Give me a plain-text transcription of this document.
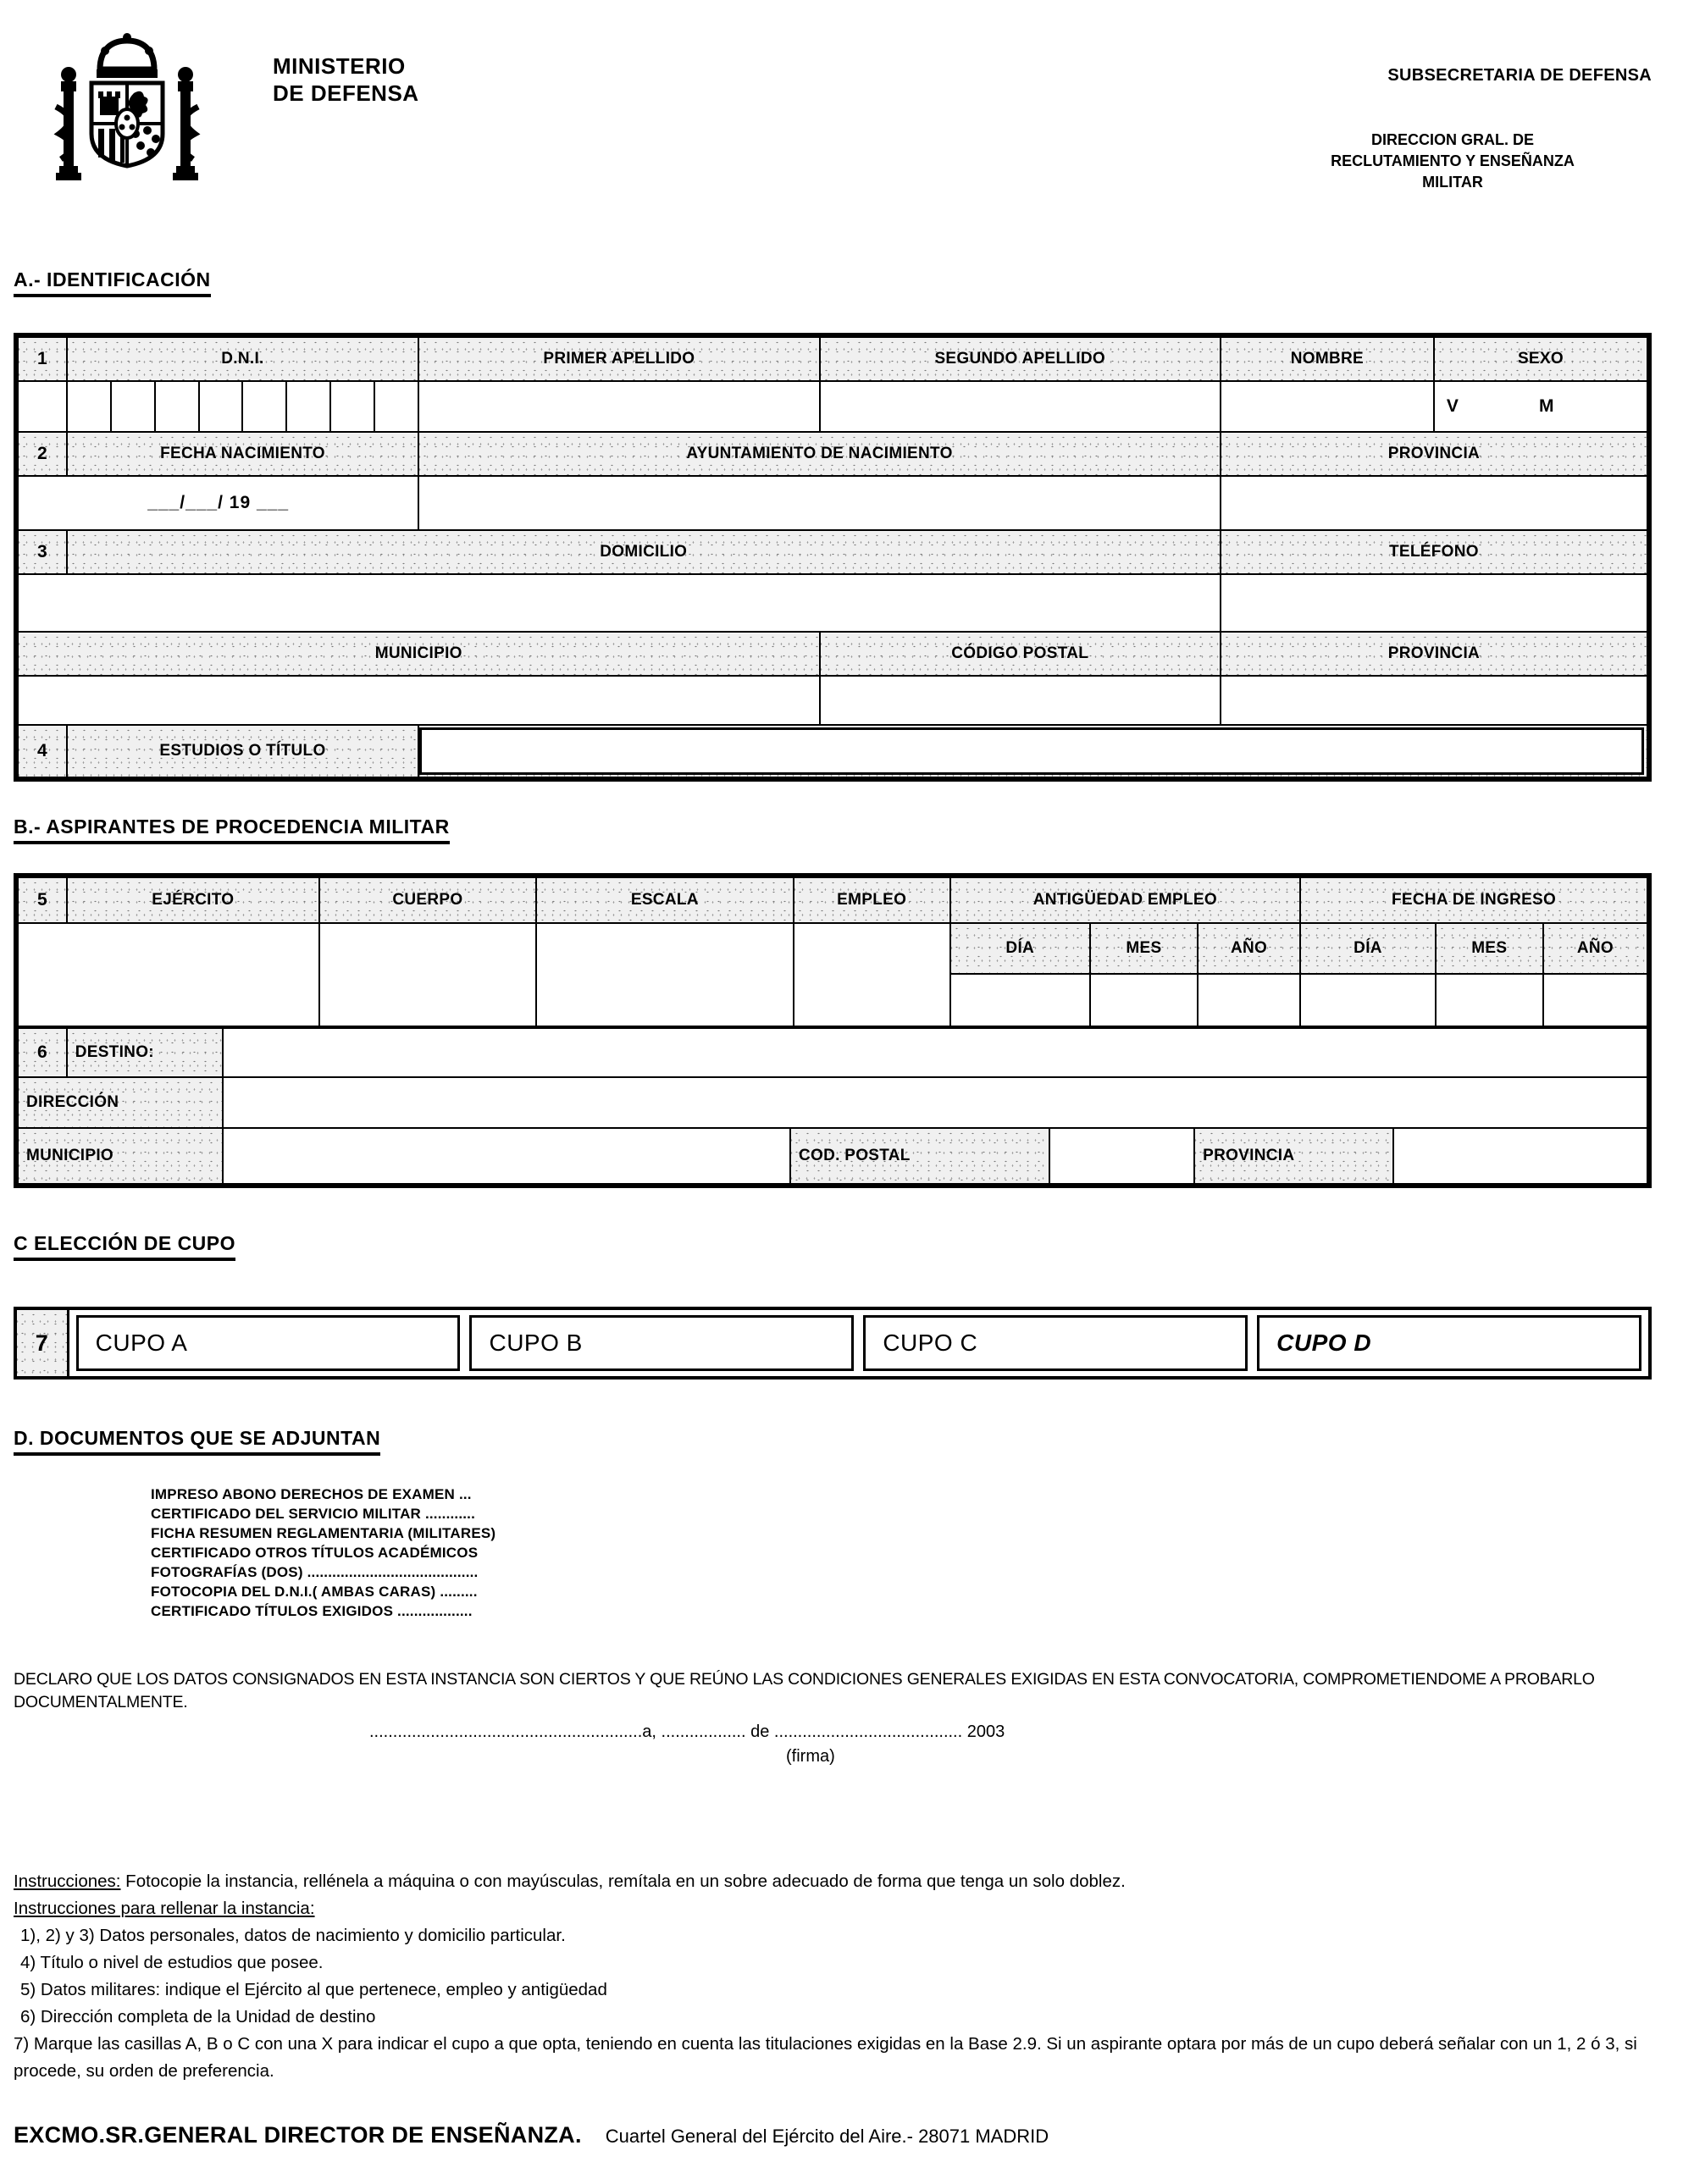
MINISTERIO
DE DEFENSA
SUBSECRETARIA DE DEFENSA
DIRECCION GRAL. DE
RECLUTAMIENTO Y ENSEÑANZA
MILITAR
A.- IDENTIFICACIÓN
1	D.N.I.								PRIMER APELLIDO	SEGUNDO APELLIDO	NOMBRE	SEXO

												V M

2	FECHA NACIMIENTO								AYUNTAMIENTO DE NACIMIENTO		PROVINCIA	
___/___/ 19 ___												
3	DOMICILIO										TELÉFONO	

MUNICIPIO										CÓDIGO POSTAL	PROVINCIA	

4	ESTUDIOS O TÍTULO											
B.- ASPIRANTES DE PROCEDENCIA MILITAR
5	EJÉRCITO	CUERPO	ESCALA	EMPLEO	ANTIGÜEDAD EMPLEO			FECHA DE INGRESO		
					DÍA	MES	AÑO	DÍA	MES	AÑO

6	DESTINO:					
DIRECCIÓN						
MUNICIPIO			COD. POSTAL		PROVINCIA	
C ELECCIÓN DE CUPO
7	CUPO A	CUPO B	CUPO C	CUPO D
D. DOCUMENTOS QUE SE ADJUNTAN
IMPRESO ABONO DERECHOS DE EXAMEN ...
CERTIFICADO DEL SERVICIO MILITAR ............
FICHA RESUMEN REGLAMENTARIA (MILITARES)
CERTIFICADO OTROS TÍTULOS ACADÉMICOS
FOTOGRAFÍAS (DOS) .........................................
FOTOCOPIA DEL D.N.I.( AMBAS CARAS) .........
CERTIFICADO TÍTULOS EXIGIDOS ..................
DECLARO QUE LOS DATOS CONSIGNADOS EN ESTA INSTANCIA SON CIERTOS Y QUE REÚNO LAS CONDICIONES GENERALES EXIGIDAS EN ESTA CONVOCATORIA, COMPROMETIENDOME A PROBARLO DOCUMENTALMENTE.
..........................................................a, .................. de ........................................ 2003
(firma)
Instrucciones: Fotocopie la instancia, rellénela a máquina o con mayúsculas, remítala en un sobre adecuado de forma que tenga un solo doblez.
Instrucciones para rellenar la instancia:
1), 2) y 3) Datos personales, datos de nacimiento y domicilio particular.
4) Título o nivel de estudios que posee.
5) Datos militares: indique el Ejército al que pertenece, empleo y antigüedad
6) Dirección completa de la Unidad de destino
7) Marque las casillas A, B o C con una X para indicar el cupo a que opta, teniendo en cuenta las titulaciones exigidas en la Base 2.9. Si un aspirante optara por más de un cupo deberá señalar con un 1, 2 ó 3, si procede, su orden de preferencia.
EXCMO.SR.GENERAL DIRECTOR DE ENSEÑANZA. Cuartel General del Ejército del Aire.- 28071 MADRID
